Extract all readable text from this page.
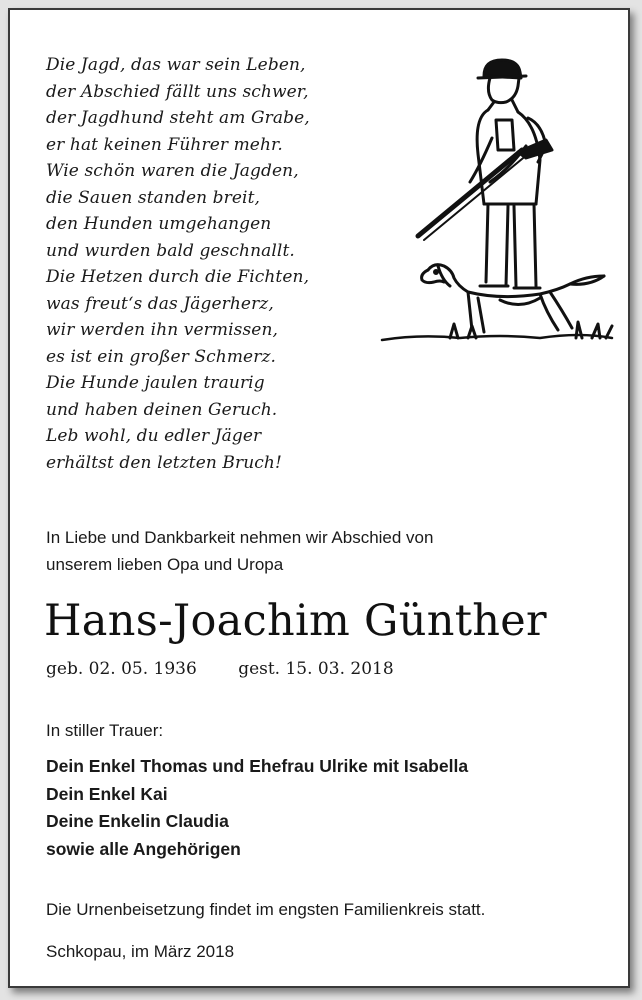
Die Jagd, das war sein Leben,
der Abschied fällt uns schwer,
der Jagdhund steht am Grabe,
er hat keinen Führer mehr.
Wie schön waren die Jagden,
die Sauen standen breit,
den Hunden umgehangen
und wurden bald geschnallt.
Die Hetzen durch die Fichten,
was freut‘s das Jägerherz,
wir werden ihn vermissen,
es ist ein großer Schmerz.
Die Hunde jaulen traurig
und haben deinen Geruch.
Leb wohl, du edler Jäger
erhältst den letzten Bruch!
In Liebe und Dankbarkeit nehmen wir Abschied von
unserem lieben Opa und Uropa
Hans-Joachim Günther
geb. 02. 05. 1936 gest. 15. 03. 2018
In stiller Trauer:
Dein Enkel Thomas und Ehefrau Ulrike mit Isabella
Dein Enkel Kai
Deine Enkelin Claudia
sowie alle Angehörigen
Die Urnenbeisetzung findet im engsten Familienkreis statt.
Schkopau, im März 2018
